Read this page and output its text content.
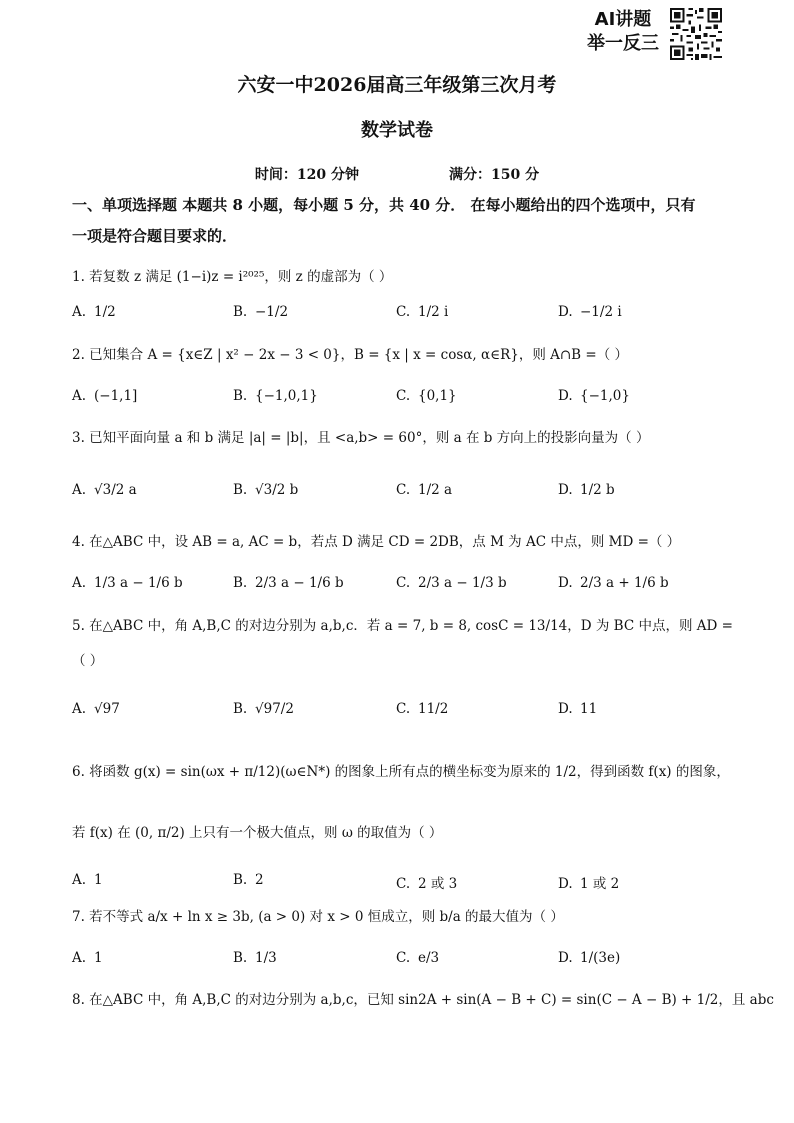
AI讲题
举一反三
六安一中2026届高三年级第三次月考
数学试卷
时间：120 分钟	满分：150 分
一、单项选择题 本题共 8 小题，每小题 5 分，共 40 分． 在每小题给出的四个选项中，只有
一项是符合题目要求的．
1. 若复数 z 满足 (1−i)z = i²⁰²⁵，则 z 的虚部为（ ）
A. 1/2	B. −1/2	C. 1/2 i	D. −1/2 i
2. 已知集合 A = {x∈Z | x² − 2x − 3 < 0}，B = {x | x = cosα, α∈R}，则 A∩B =（ ）
A. (−1,1]	B. {−1,0,1}	C. {0,1}	D. {−1,0}
3. 已知平面向量 a 和 b 满足 |a| = |b|，且 <a,b> = 60°，则 a 在 b 方向上的投影向量为（ ）
A. √3/2 a	B. √3/2 b	C. 1/2 a	D. 1/2 b
4. 在△ABC 中，设 AB = a, AC = b，若点 D 满足 CD = 2DB，点 M 为 AC 中点，则 MD =（ ）
A. 1/3 a − 1/6 b	B. 2/3 a − 1/6 b	C. 2/3 a − 1/3 b	D. 2/3 a + 1/6 b
5. 在△ABC 中，角 A,B,C 的对边分别为 a,b,c．若 a = 7, b = 8, cosC = 13/14，D 为 BC 中点，则 AD =
（ ）
A. √97	B. √97/2	C. 11/2	D. 11
6. 将函数 g(x) = sin(ωx + π/12)(ω∈N*) 的图象上所有点的横坐标变为原来的 1/2，得到函数 f(x) 的图象，
若 f(x) 在 (0, π/2) 上只有一个极大值点，则 ω 的取值为（ ）
A. 1	B. 2	C. 2 或 3	D. 1 或 2
7. 若不等式 a/x + ln x ≥ 3b, (a > 0) 对 x > 0 恒成立，则 b/a 的最大值为（ ）
A. 1	B. 1/3	C. e/3	D. 1/(3e)
8. 在△ABC 中，角 A,B,C 的对边分别为 a,b,c，已知 sin2A + sin(A − B + C) = sin(C − A − B) + 1/2，且 abc
